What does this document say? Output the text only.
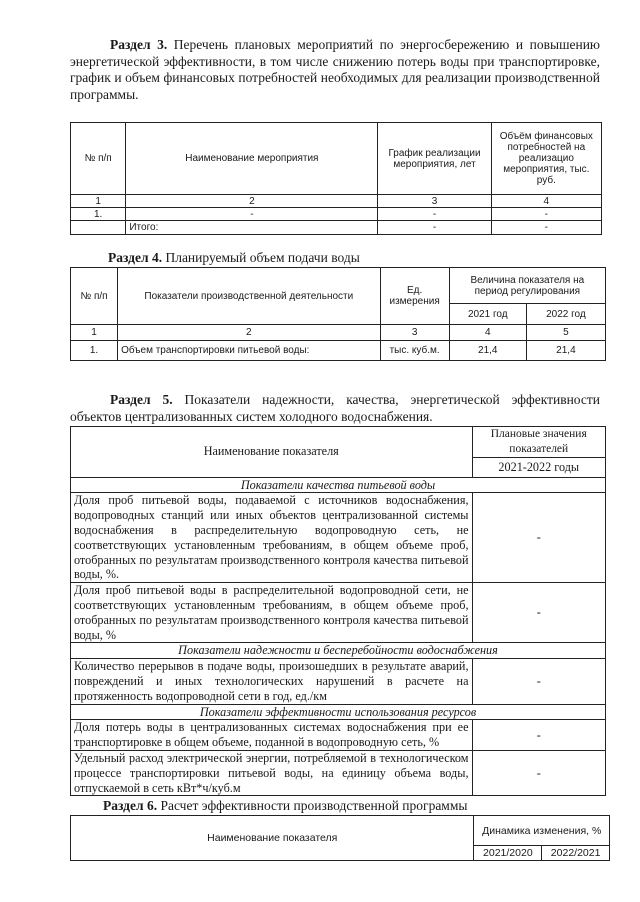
Раздел 3. Перечень плановых мероприятий по энергосбережению и повышению энергетической эффективности, в том числе снижению потерь воды при транспортировке, график и объем финансовых потребностей необходимых для реализации производственной программы.
№ п/п	Наименование мероприятия	График реализации мероприятия, лет	Объём финансовых потребностей на реализацио мероприятия, тыс. руб.
1	2	3	4
1.	-	-	-
	Итого:	-	-
Раздел 4. Планируемый объем подачи воды
№ п/п	Показатели производственной деятельности	Ед. измерения	Величина показателя на период регулирования	
			2021 год	2022 год
1	2	3	4	5
1.	Объем транспортировки питьевой воды:	тыс. куб.м.	21,4	21,4
Раздел 5. Показатели надежности, качества, энергетической эффективности объектов централизованных систем холодного водоснабжения.
Наименование показателя	Плановые значения показателей
	2021-2022 годы
Показатели качества питьевой воды	
Доля проб питьевой воды, подаваемой с источников водоснабжения, водопроводных станций или иных объектов централизованной системы водоснабжения в распределительную водопроводную сеть, не соответствующих установленным требованиям, в общем объеме проб, отобранных по результатам производственного контроля качества питьевой воды, %.	-
Доля проб питьевой воды в распределительной водопроводной сети, не соответствующих установленным требованиям, в общем объеме проб, отобранных по результатам производственного контроля качества питьевой воды, %	-
Показатели надежности и бесперебойности водоснабжения	
Количество перерывов в подаче воды, произошедших в результате аварий, повреждений и иных технологических нарушений в расчете на протяженность водопроводной сети в год, ед./км	-
Показатели эффективности использования ресурсов	
Доля потерь воды в централизованных системах водоснабжения при ее транспортировке в общем объеме, поданной в водопроводную сеть, %	-
Удельный расход электрической энергии, потребляемой в технологическом процессе транспортировки питьевой воды, на единицу объема воды, отпускаемой в сеть кВт*ч/куб.м	-
Раздел 6. Расчет эффективности производственной программы
Наименование показателя	Динамика изменения, %	
	2021/2020	2022/2021
